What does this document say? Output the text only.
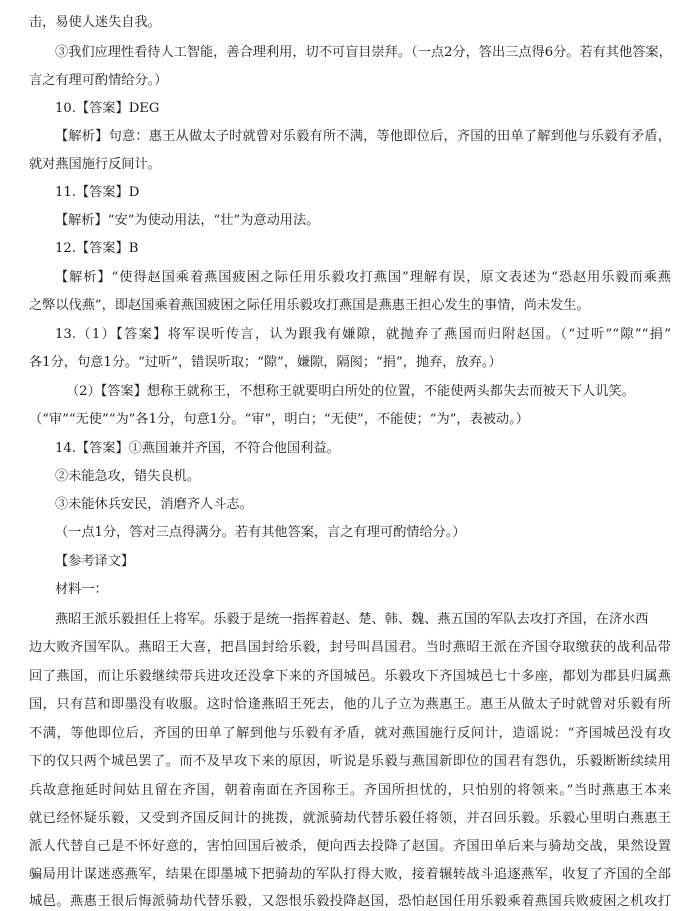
击，易使人迷失自我。
③我们应理性看待人工智能，善合理利用，切不可盲目崇拜。（一点2分，答出三点得6分。若有其他答案，
言之有理可酌情给分。）
10.【答案】DEG
【解析】句意：惠王从做太子时就曾对乐毅有所不满，等他即位后，齐国的田单了解到他与乐毅有矛盾，
就对燕国施行反间计。
11.【答案】D
【解析】“安”为使动用法，“壮”为意动用法。
12.【答案】B
【解析】“使得赵国乘着燕国疲困之际任用乐毅攻打燕国”理解有误，原文表述为“恐赵用乐毅而乘燕
之弊以伐燕”，即赵国乘着燕国疲困之际任用乐毅攻打燕国是燕惠王担心发生的事情，尚未发生。
13.（1）【答案】将军误听传言，认为跟我有嫌隙，就抛弃了燕国而归附赵国。（“过听”“隙”“捐”
各1分，句意1分。“过听”，错误听取；“隙”，嫌隙，隔阂；“捐”，抛弃，放弃。）
（2）【答案】想称王就称王，不想称王就要明白所处的位置，不能使两头都失去而被天下人讥笑。
（“审”“无使”“为”各1分，句意1分。“审”，明白；“无使”，不能使；“为”，表被动。）
14.【答案】①燕国兼并齐国，不符合他国利益。
②未能急攻，错失良机。
③未能休兵安民，消磨齐人斗志。
（一点1分，答对三点得满分。若有其他答案，言之有理可酌情给分。）
【参考译文】
材料一：
燕昭王派乐毅担任上将军。乐毅于是统一指挥着赵、楚、韩、魏、燕五国的军队去攻打齐国，在济水西
边大败齐国军队。燕昭王大喜，把昌国封给乐毅，封号叫昌国君。当时燕昭王派在齐国夺取缴获的战利品带
回了燕国，而让乐毅继续带兵进攻还没拿下来的齐国城邑。乐毅攻下齐国城邑七十多座，都划为郡县归属燕
国，只有莒和即墨没有收服。这时恰逢燕昭王死去，他的儿子立为燕惠王。惠王从做太子时就曾对乐毅有所
不满，等他即位后，齐国的田单了解到他与乐毅有矛盾，就对燕国施行反间计，造谣说：“齐国城邑没有攻
下的仅只两个城邑罢了。而不及早攻下来的原因，听说是乐毅与燕国新即位的国君有怨仇，乐毅断断续续用
兵故意拖延时间姑且留在齐国，朝着南面在齐国称王。齐国所担忧的，只怕别的将领来。”当时燕惠王本来
就已经怀疑乐毅，又受到齐国反间计的挑拨，就派骑劫代替乐毅任将领，并召回乐毅。乐毅心里明白燕惠王
派人代替自己是不怀好意的，害怕回国后被杀，便向西去投降了赵国。齐国田单后来与骑劫交战，果然设置
骗局用计谋迷惑燕军，结果在即墨城下把骑劫的军队打得大败，接着辗转战斗追逐燕军，收复了齐国的全部
城邑。燕惠王很后悔派骑劫代替乐毅，又怨恨乐毅投降赵国，恐怕赵国任用乐毅乘着燕国兵败疲困之机攻打
